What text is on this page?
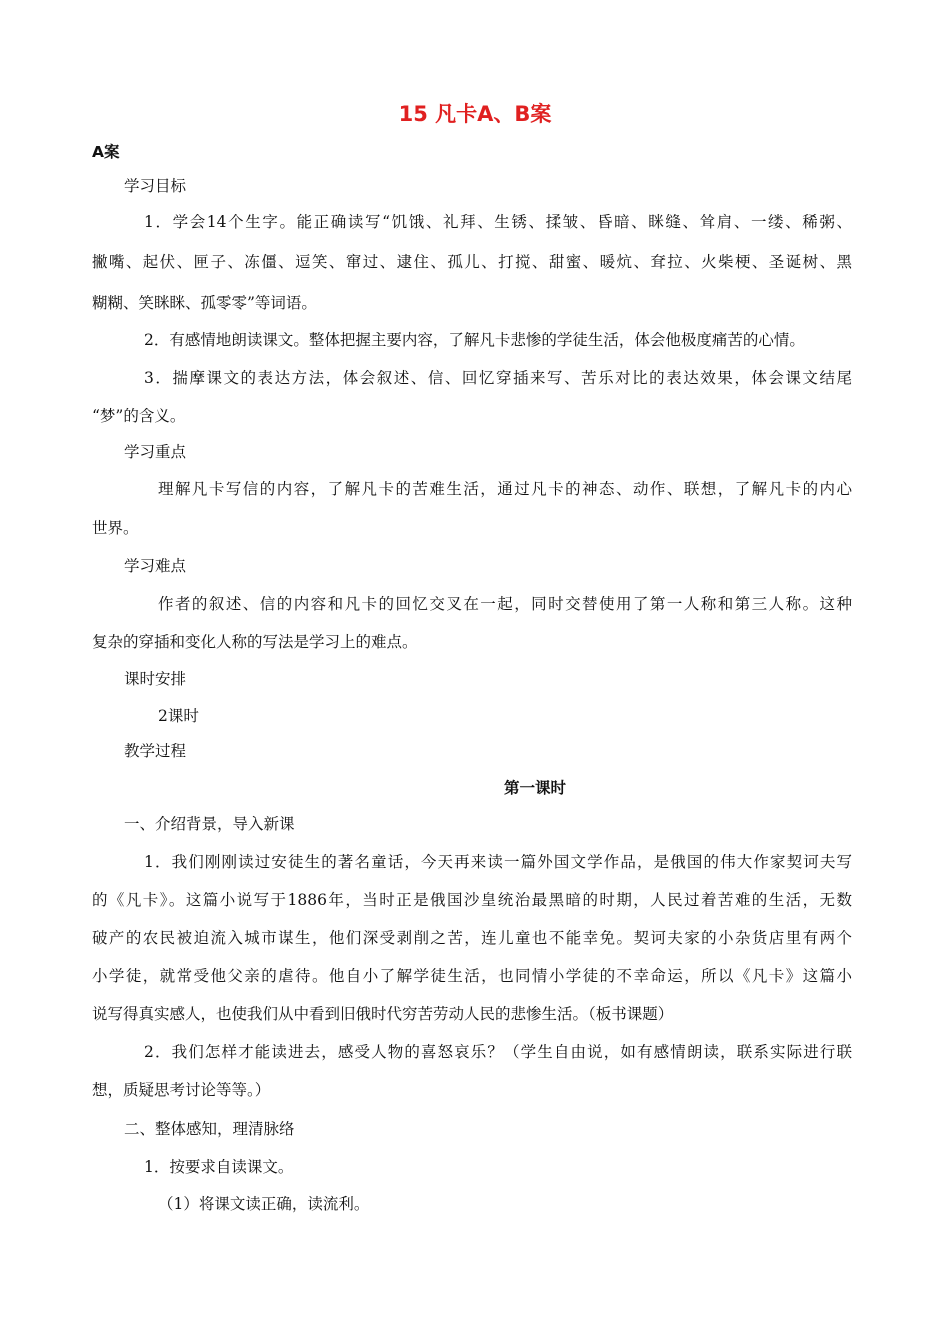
15 凡卡A、B案
A案
学习目标
1．学会14个生字。能正确读写“饥饿、礼拜、生锈、揉皱、昏暗、眯缝、耸肩、一缕、稀粥、
撇嘴、起伏、匣子、冻僵、逗笑、窜过、逮住、孤儿、打搅、甜蜜、暖炕、耷拉、火柴梗、圣诞树、黑
糊糊、笑眯眯、孤零零”等词语。
2．有感情地朗读课文。整体把握主要内容，了解凡卡悲惨的学徒生活，体会他极度痛苦的心情。
3．揣摩课文的表达方法，体会叙述、信、回忆穿插来写、苦乐对比的表达效果，体会课文结尾
“梦”的含义。
学习重点
理解凡卡写信的内容，了解凡卡的苦难生活，通过凡卡的神态、动作、联想，了解凡卡的内心
世界。
学习难点
作者的叙述、信的内容和凡卡的回忆交叉在一起，同时交替使用了第一人称和第三人称。这种
复杂的穿插和变化人称的写法是学习上的难点。
课时安排
2课时
教学过程
第一课时
一、介绍背景，导入新课
1．我们刚刚读过安徒生的著名童话，今天再来读一篇外国文学作品，是俄国的伟大作家契诃夫写
的《凡卡》。这篇小说写于1886年，当时正是俄国沙皇统治最黑暗的时期，人民过着苦难的生活，无数
破产的农民被迫流入城市谋生，他们深受剥削之苦，连儿童也不能幸免。契诃夫家的小杂货店里有两个
小学徒，就常受他父亲的虐待。他自小了解学徒生活，也同情小学徒的不幸命运，所以《凡卡》这篇小
说写得真实感人，也使我们从中看到旧俄时代穷苦劳动人民的悲惨生活。（板书课题）
2．我们怎样才能读进去，感受人物的喜怒哀乐？（学生自由说，如有感情朗读，联系实际进行联
想，质疑思考讨论等等。）
二、整体感知，理清脉络
1．按要求自读课文。
（1）将课文读正确，读流利。
